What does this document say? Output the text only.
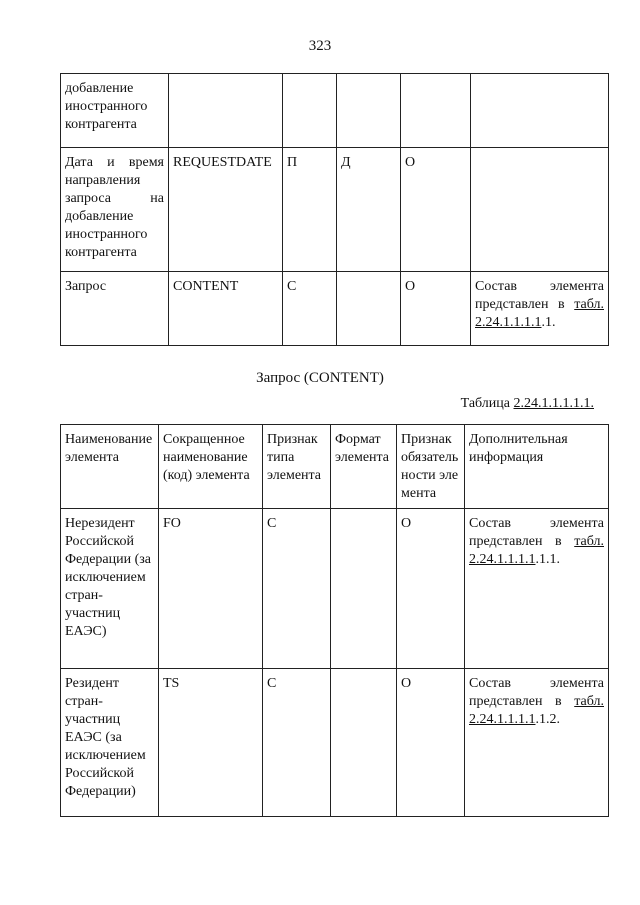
323
добавление иностранного контрагента					
Дата и время направления запроса на добавление иностранного контрагента	REQUESTDATE	П	Д	О	
Запрос	CONTENT	С		О	Состав элемента представлен в табл. 2.24.1.1.1.1.1.
Запрос (CONTENT)
Таблица 2.24.1.1.1.1.1.
Наименование элемента	Сокращенное наименование (код) элемента	Признак типа элемента	Формат элемента	Признак обязательности элемента	Дополнительная информация
Нерезидент Российской Федерации (за исключением стран-участниц ЕАЭС)	FO	С		О	Состав элемента представлен в табл. 2.24.1.1.1.1.1.1.
Резидент стран-участниц ЕАЭС (за исключением Российской Федерации)	TS	С		О	Состав элемента представлен в табл. 2.24.1.1.1.1.1.2.
